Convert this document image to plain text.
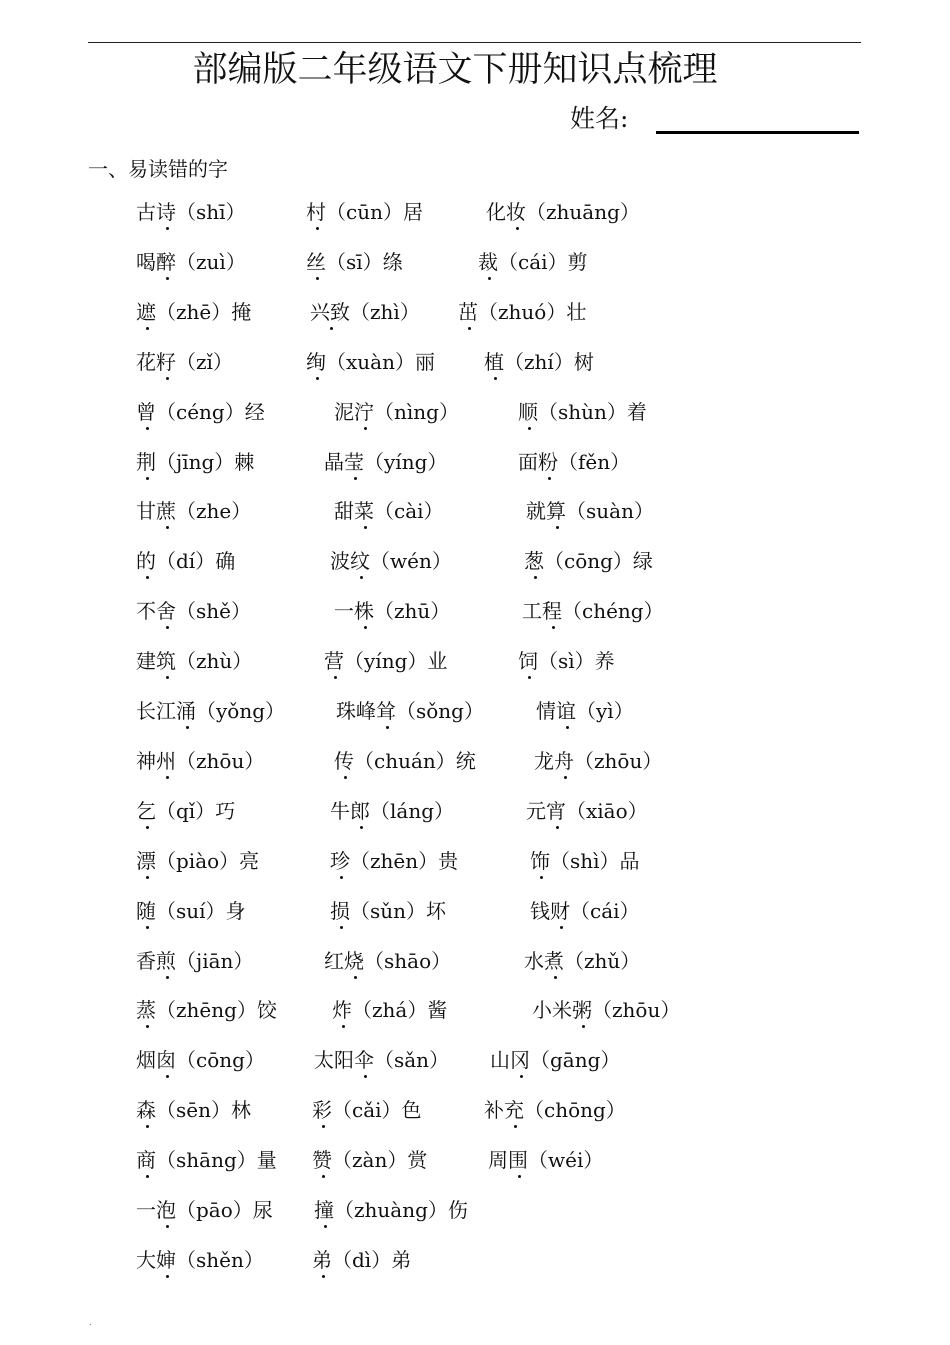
部编版二年级语文下册知识点梳理
姓名:
一、易读错的字
古诗（shī）	村（cūn）居	化妆（zhuāng）
喝醉（zuì）	丝（sī）绦	裁（cái）剪
遮（zhē）掩	兴致（zhì） 茁（zhuó）壮
花籽（zǐ）	绚（xuàn）丽 植（zhí）树
曾（céng）经	泥泞（nìng）	顺（shùn）着
荆（jīng）棘	晶莹（yíng）	面粉（fěn）
甘蔗（zhe）	甜菜（cài）	就算（suàn）
的（dí）确	波纹（wén）	葱（cōng）绿
不舍（shě）	一株（zhū）	工程（chéng）
建筑（zhù）	营（yíng）业	饲（sì）养
长江涌（yǒng）	珠峰耸（sǒng）	情谊（yì）
神州（zhōu）	传（chuán）统	龙舟（zhōu）
乞（qǐ）巧	牛郎（láng）	元宵（xiāo）
漂（piào）亮	珍（zhēn）贵	饰（shì）品
随（suí）身	损（sǔn）坏	钱财（cái）
香煎（jiān）	红烧（shāo）	水煮（zhǔ）
蒸（zhēng）饺	炸（zhá）酱	小米粥（zhōu）
烟囱（cōng） 太阳伞（sǎn） 山冈（gāng）
森（sēn）林	彩（cǎi）色	补充（chōng）
商（shāng）量 赞（zàn）赏	周围（wéi）
一泡（pāo）尿 撞（zhuàng）伤
大婶（shěn） 弟（dì）弟
.
